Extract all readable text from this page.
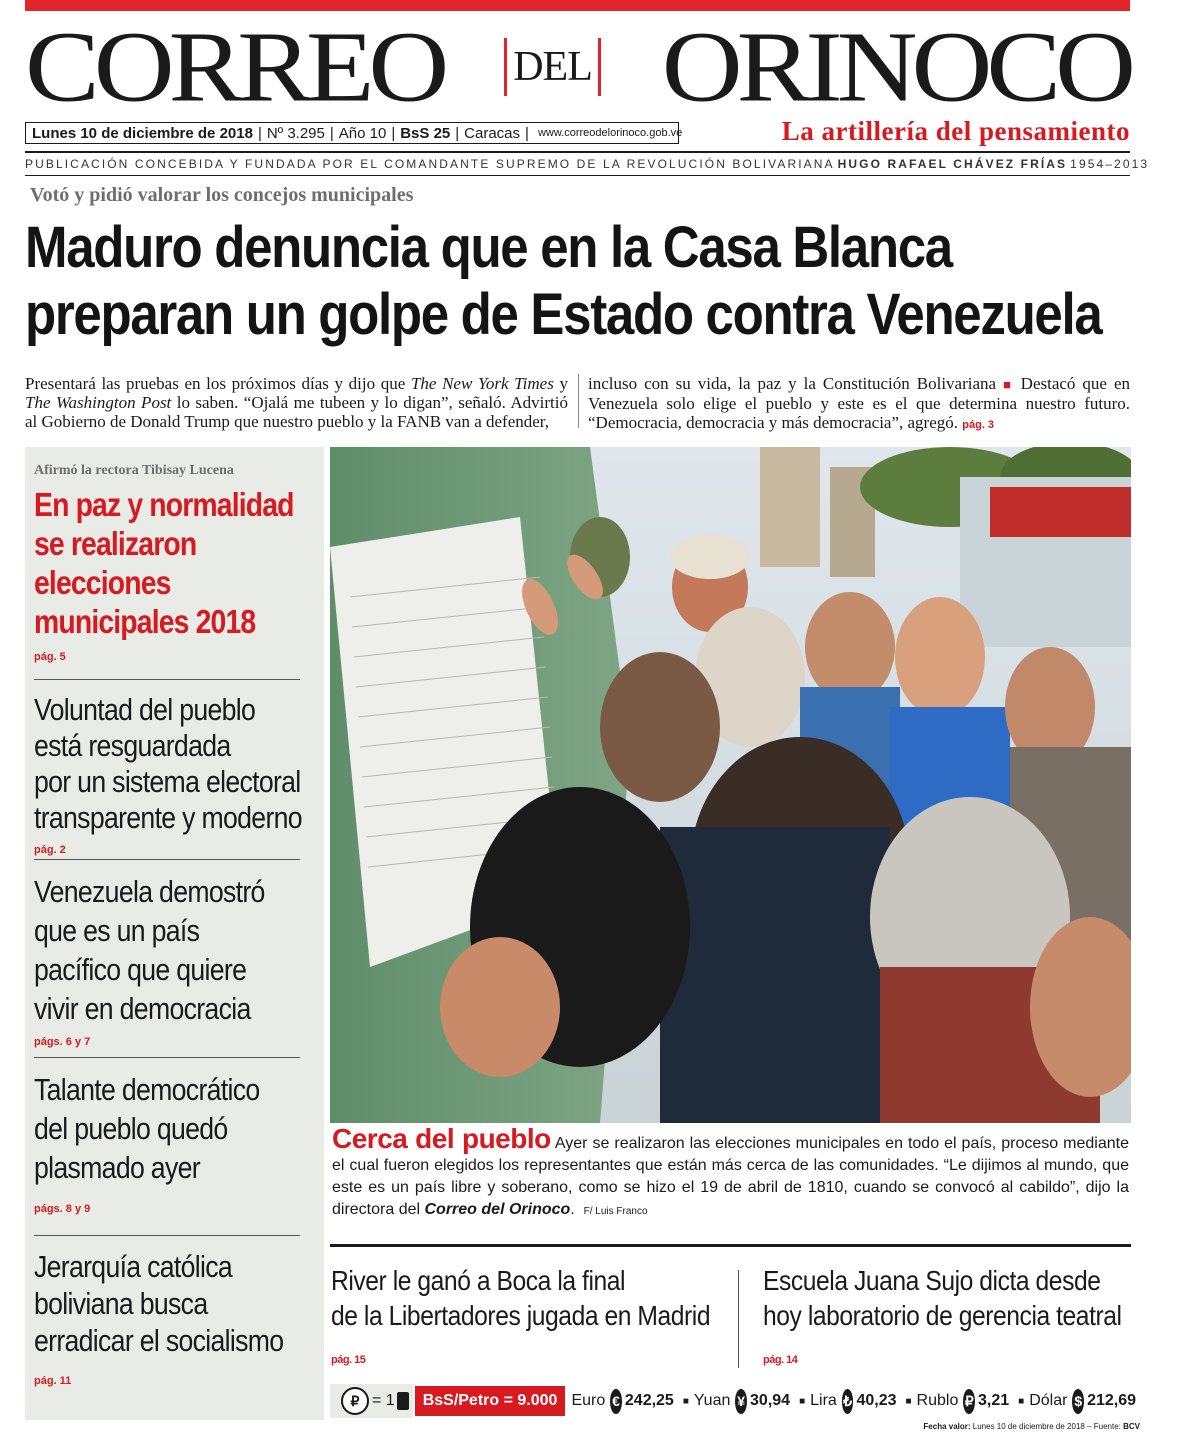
CORREO DEL ORINOCO
Lunes 10 de diciembre de 2018 | Nº 3.295 | Año 10 | BsS 25 | Caracas | www.correodelorinoco.gob.ve	La artillería del pensamiento
PUBLICACIÓN CONCEBIDA Y FUNDADA POR EL COMANDANTE SUPREMO DE LA REVOLUCIÓN BOLIVARIANA HUGO RAFAEL CHÁVEZ FRÍAS 1954–2013
Votó y pidió valorar los concejos municipales
Maduro denuncia que en la Casa Blanca
preparan un golpe de Estado contra Venezuela
Presentará las pruebas en los próximos días y dijo que The New York Times y The Washington Post lo saben. “Ojalá me tubeen y lo digan”, señaló. Advirtió al Gobierno de Donald Trump que nuestro pueblo y la FANB van a defender,
incluso con su vida, la paz y la Constitución Bolivariana ■ Destacó que en Venezuela solo elige el pueblo y este es el que determina nuestro futuro. “Democracia, democracia y más democracia”, agregó. pág. 3
Afirmó la rectora Tibisay Lucena
En paz y normalidad se realizaron elecciones municipales 2018
pág. 5
Voluntad del pueblo
está resguardada
por un sistema electoral
transparente y moderno
pág. 2
Venezuela demostró
que es un país
pacífico que quiere
vivir en democracia
págs. 6 y 7
Talante democrático
del pueblo quedó
plasmado ayer
págs. 8 y 9
Jerarquía católica
boliviana busca
erradicar el socialismo
pág. 11
Cerca del pueblo Ayer se realizaron las elecciones municipales en todo el país, proceso mediante el cual fueron elegidos los representantes que están más cerca de las comunidades. “Le dijimos al mundo, que este es un país libre y soberano, como se hizo el 19 de abril de 1810, cuando se convocó al cabildo”, dijo la directora del Correo del Orinoco. F/ Luis Franco
River le ganó a Boca la final
de la Libertadores jugada en Madrid
pág. 15
Escuela Juana Sujo dicta desde
hoy laboratorio de gerencia teatral
pág. 14
₽ = 1	BsS/Petro = 9.000 Euro € 242,25 ■ Yuan ¥ 30,94 ■ Lira ₺ 40,23 ■ Rublo ₽ 3,21 ■ Dólar $ 212,69
Fecha valor: Lunes 10 de diciembre de 2018 – Fuente: BCV
